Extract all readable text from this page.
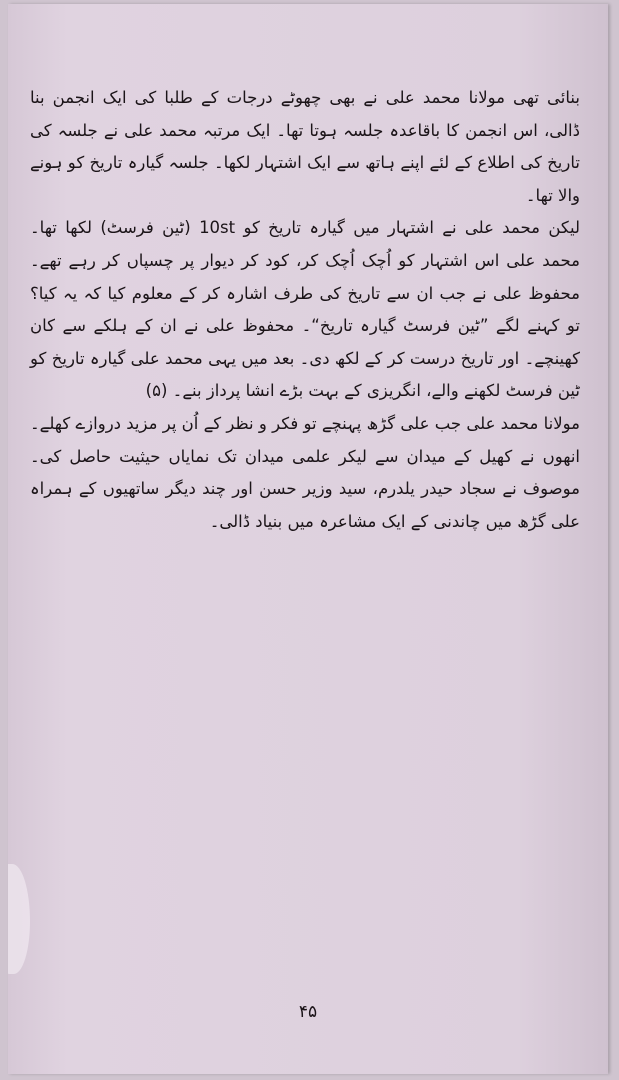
بنائی تھی مولانا محمد علی نے بھی چھوٹے درجات کے طلبا کی ایک انجمن بنا ڈالی، اس انجمن کا باقاعدہ جلسہ ہوتا تھا۔ ایک مرتبہ محمد علی نے جلسہ کی تاریخ کی اطلاع کے لئے اپنے ہاتھ سے ایک اشتہار لکھا۔ جلسہ گیارہ تاریخ کو ہونے والا تھا۔

لیکن محمد علی نے اشتہار میں گیارہ تاریخ کو 10st (ٹین فرسٹ) لکھا تھا۔ محمد علی اس اشتہار کو اُچک اُچک کر، کود کر دیوار پر چسپاں کر رہے تھے۔ محفوظ علی نے جب ان سے تاریخ کی طرف اشارہ کر کے معلوم کیا کہ یہ کیا؟ تو کہنے لگے ”ٹین فرسٹ گیارہ تاریخ“۔ محفوظ علی نے ان کے ہلکے سے کان کھینچے۔ اور تاریخ درست کر کے لکھ دی۔ بعد میں یہی محمد علی گیارہ تاریخ کو ٹین فرسٹ لکھنے والے، انگریزی کے بہت بڑے انشا پرداز بنے۔ (۵)

مولانا محمد علی جب علی گڑھ پہنچے تو فکر و نظر کے اُن پر مزید دروازے کھلے۔ انھوں نے کھیل کے میدان سے لیکر علمی میدان تک نمایاں حیثیت حاصل کی۔ موصوف نے سجاد حیدر یلدرم، سید وزیر حسن اور چند دیگر ساتھیوں کے ہمراہ علی گڑھ میں چاندنی کے ایک مشاعرہ میں بنیاد ڈالی۔

۴۵
